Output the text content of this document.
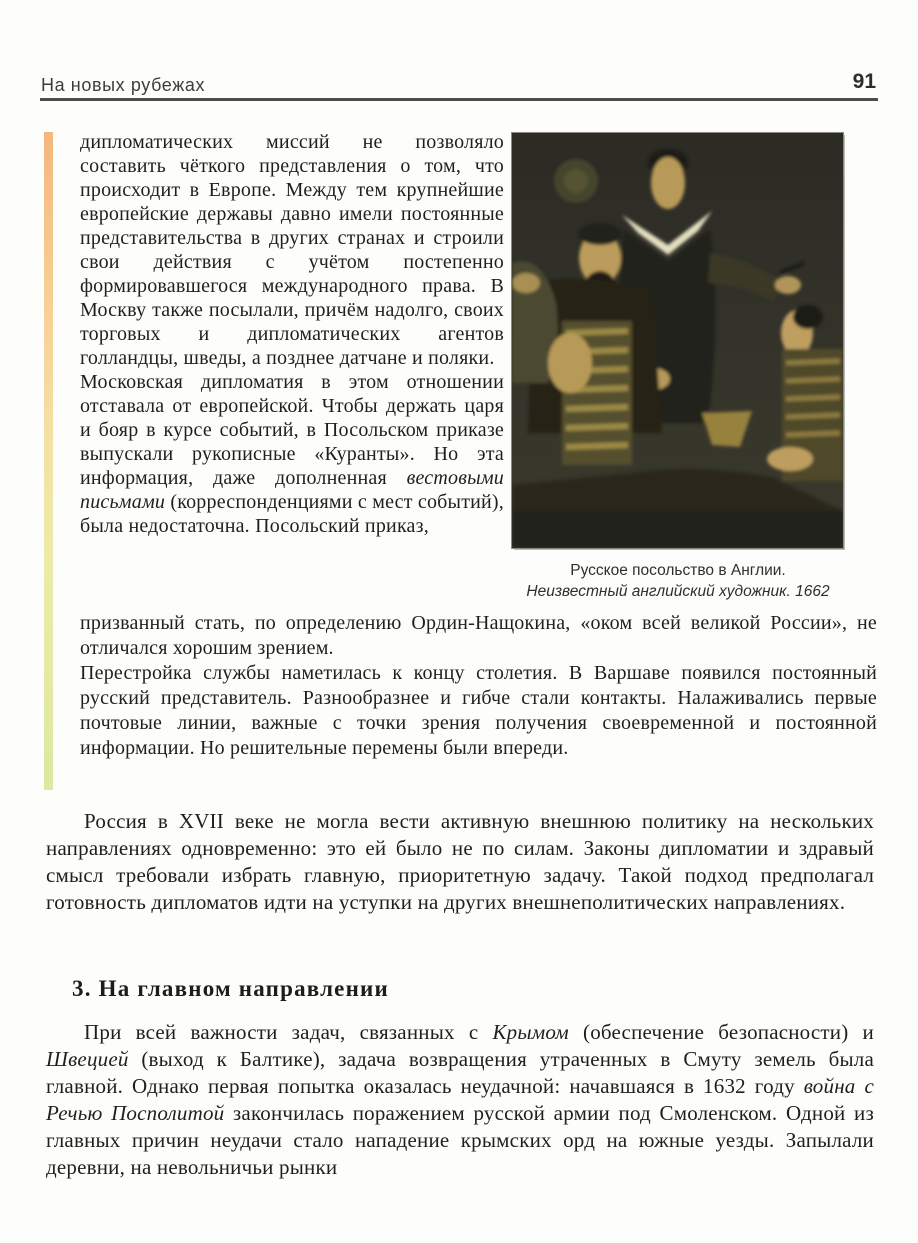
На новых рубежах	91

дипломатических миссий не позволяло составить чёткого представления о том, что происходит в Европе. Между тем крупнейшие европейские державы давно имели постоянные представительства в других странах и строили свои действия с учётом постепенно формировавшегося международного права. В Москву также посылали, причём надолго, своих торговых и дипломатических агентов голландцы, шведы, а позднее датчане и поляки.

Московская дипломатия в этом отношении отставала от европейской. Чтобы держать царя и бояр в курсе событий, в Посольском приказе выпускали рукописные «Куранты». Но эта информация, даже дополненная вестовыми письмами (корреспонденциями с мест событий), была недостаточна. Посольский приказ,

призванный стать, по определению Ордин-Нащокина, «оком всей великой России», не отличался хорошим зрением.

Перестройка службы наметилась к концу столетия. В Варшаве появился постоянный русский представитель. Разнообразнее и гибче стали контакты. Налаживались первые почтовые линии, важные с точки зрения получения своевременной и постоянной информации. Но решительные перемены были впереди.

Русское посольство в Англии.
Неизвестный английский художник. 1662
Россия в XVII веке не могла вести активную внешнюю политику на нескольких направлениях одновременно: это ей было не по силам. Законы дипломатии и здравый смысл требовали избрать главную, приоритетную задачу. Такой подход предполагал готовность дипломатов идти на уступки на других внешнеполитических направлениях.
3. На главном направлении
При всей важности задач, связанных с Крымом (обеспечение безопасности) и Швецией (выход к Балтике), задача возвращения утраченных в Смуту земель была главной. Однако первая попытка оказалась неудачной: начавшаяся в 1632 году война с Речью Посполитой закончилась поражением русской армии под Смоленском. Одной из главных причин неудачи стало нападение крымских орд на южные уезды. Запылали деревни, на невольничьи рынки
